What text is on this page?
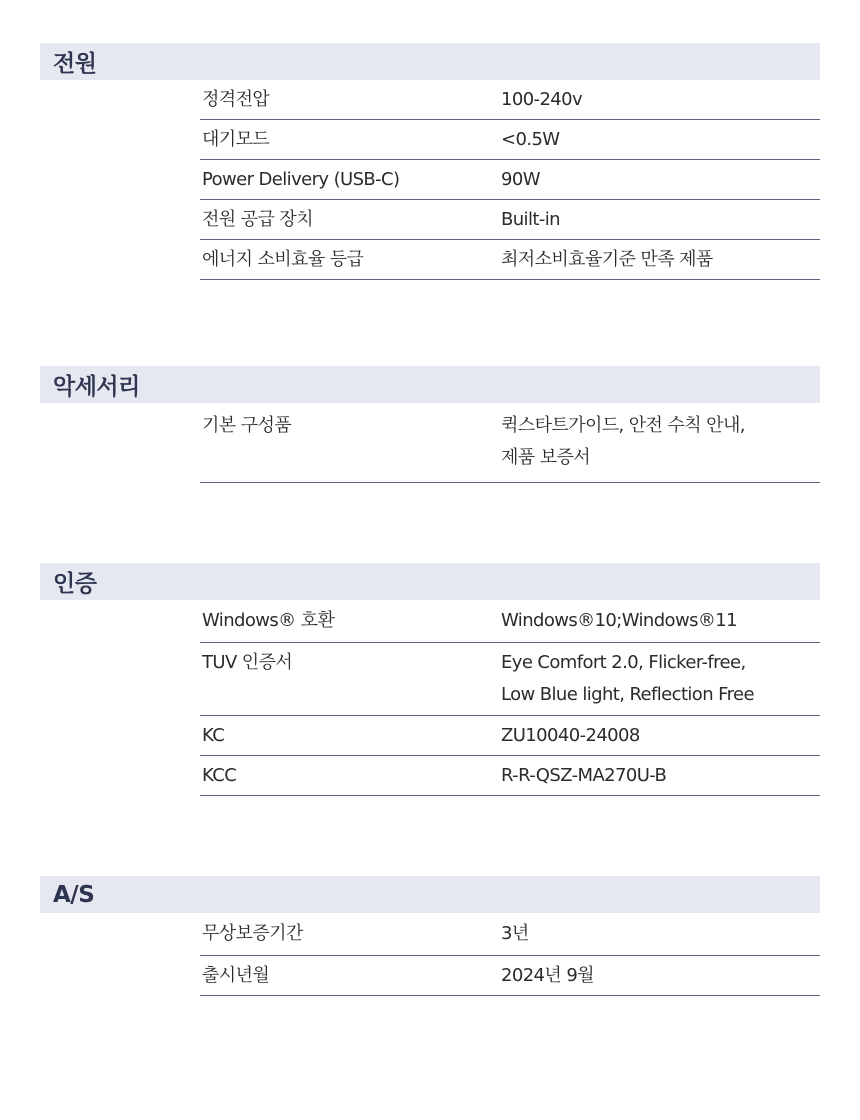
전원
정격전압	100-240v
대기모드	<0.5W
Power Delivery (USB-C)	90W
전원 공급 장치	Built-in
에너지 소비효율 등급	최저소비효율기준 만족 제품
악세서리
기본 구성품	퀵스타트가이드, 안전 수칙 안내,
제품 보증서
인증
Windows® 호환	Windows®10;Windows®11
TUV 인증서	Eye Comfort 2.0, Flicker-free,
Low Blue light, Reflection Free
KC	ZU10040-24008
KCC	R-R-QSZ-MA270U-B
A/S
무상보증기간	3년
출시년월	2024년 9월
